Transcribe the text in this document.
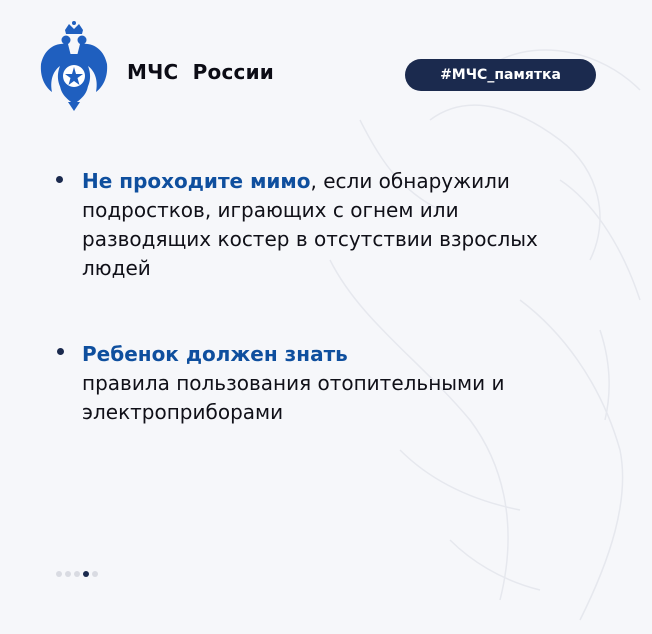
МЧС  России	#МЧС_памятка
Не проходите мимо, если обнаружили подростков, играющих с огнем или разводящих костер в отсутствии взрослых людей
Ребенок должен знать
правила пользования отопительными и электроприборами
